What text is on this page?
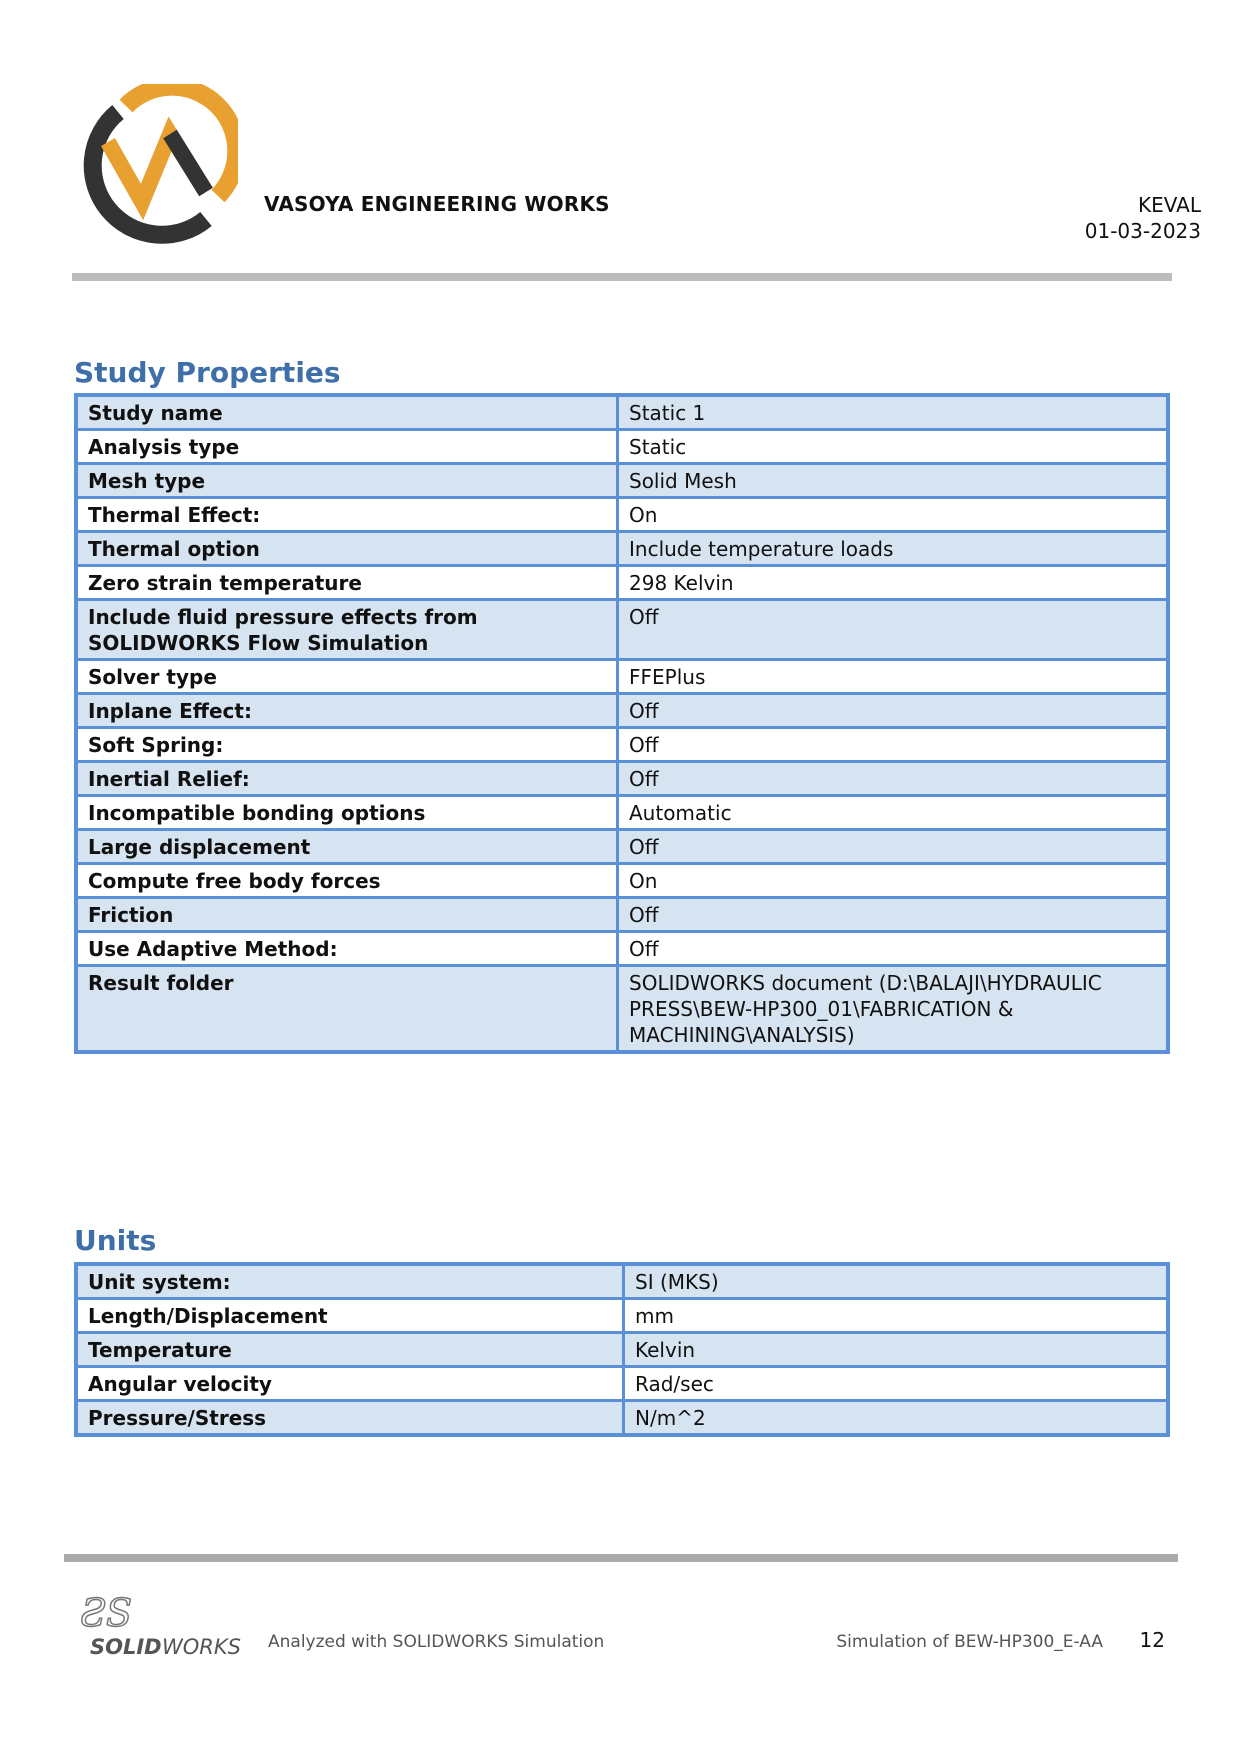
VASOYA ENGINEERING WORKS	KEVAL
01-03-2023
Study Properties
Study name	Static 1
Analysis type	Static
Mesh type	Solid Mesh
Thermal Effect:	On
Thermal option	Include temperature loads
Zero strain temperature	298 Kelvin
Include fluid pressure effects from SOLIDWORKS Flow Simulation	Off
Solver type	FFEPlus
Inplane Effect:	Off
Soft Spring:	Off
Inertial Relief:	Off
Incompatible bonding options	Automatic
Large displacement	Off
Compute free body forces	On
Friction	Off
Use Adaptive Method:	Off
Result folder	SOLIDWORKS document (D:\BALAJI\HYDRAULIC PRESS\BEW-HP300_01\FABRICATION & MACHINING\ANALYSIS)
Units
Unit system:	SI (MKS)
Length/Displacement	mm
Temperature	Kelvin
Angular velocity	Rad/sec
Pressure/Stress	N/m^2
ƧS
SOLID WORKS Analyzed with SOLIDWORKS Simulation	Simulation of BEW-HP300_E-AA 12
